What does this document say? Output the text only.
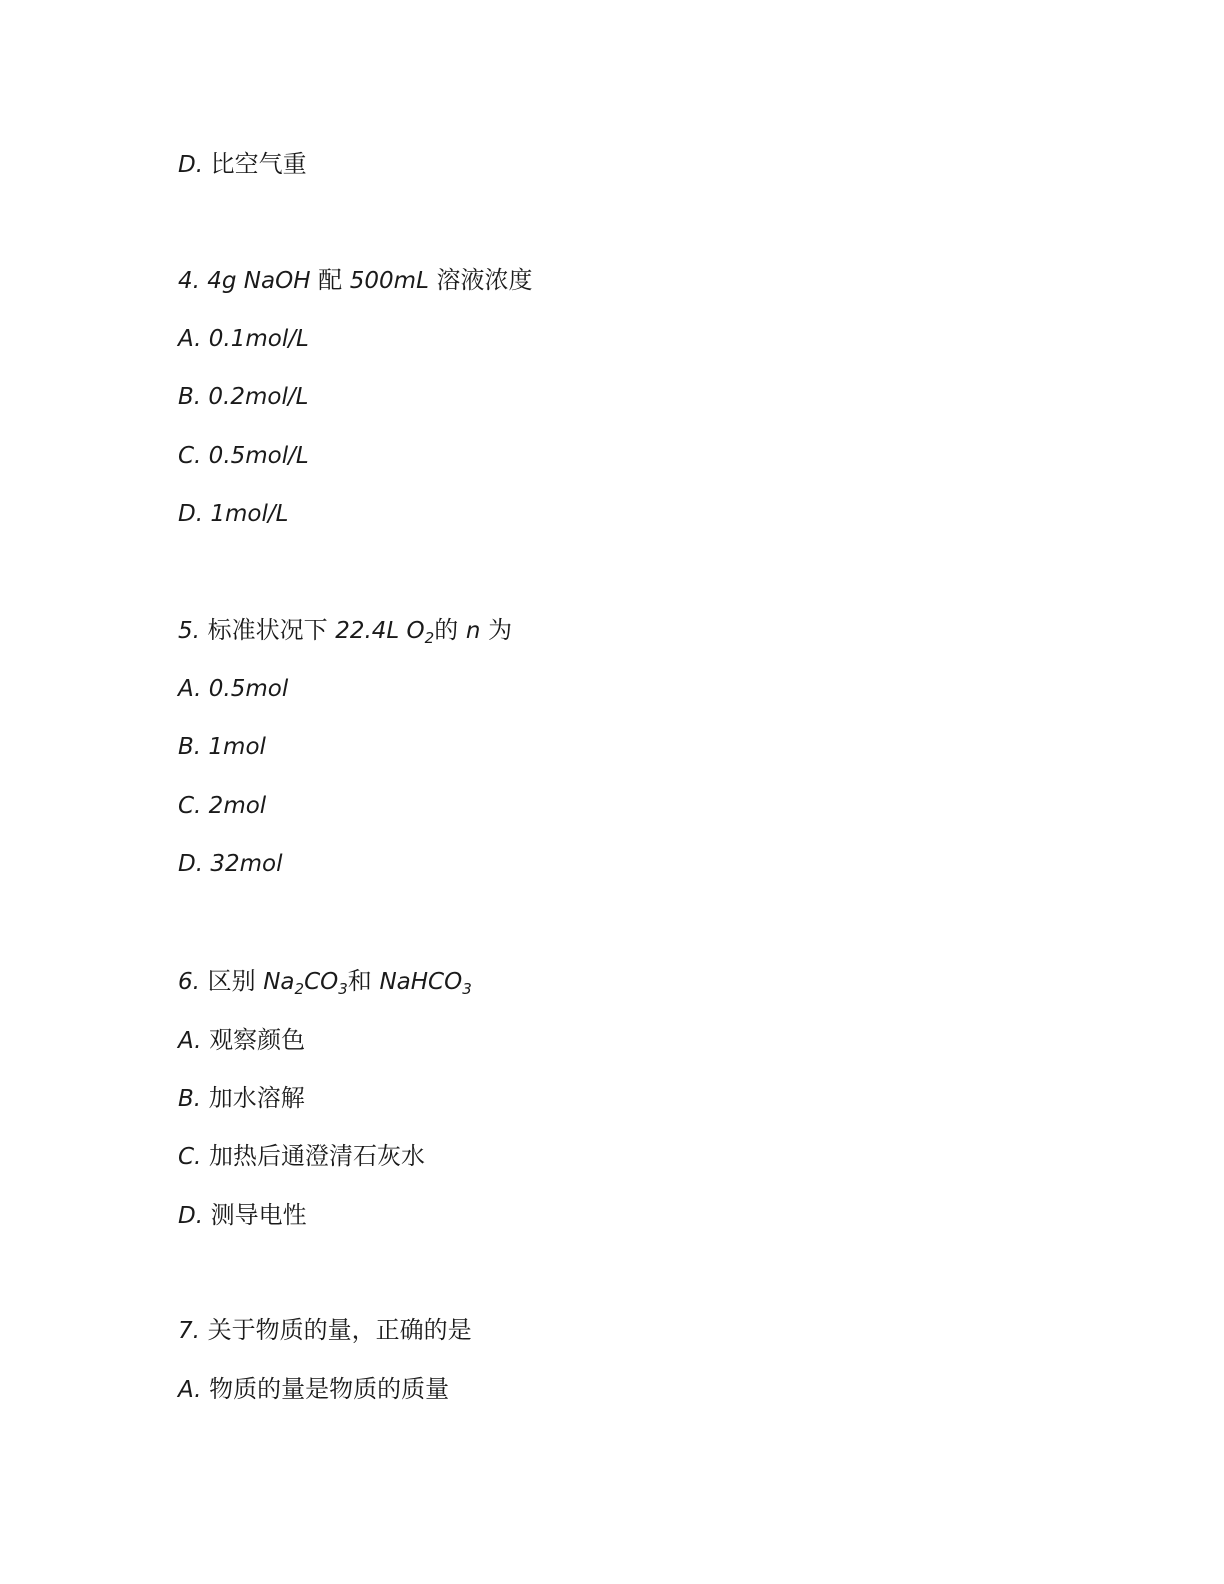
D. 比空气重
4. 4g NaOH 配 500mL 溶液浓度
A. 0.1mol/L
B. 0.2mol/L
C. 0.5mol/L
D. 1mol/L
5. 标准状况下 22.4L $O_2$的 n 为
A. 0.5mol
B. 1mol
C. 2mol
D. 32mol
6. 区别 $Na_2CO_3$和 NaHCO$_3$
A. 观察颜色
B. 加水溶解
C. 加热后通澄清石灰水
D. 测导电性
7. 关于物质的量，正确的是
A. 物质的量是物质的质量
